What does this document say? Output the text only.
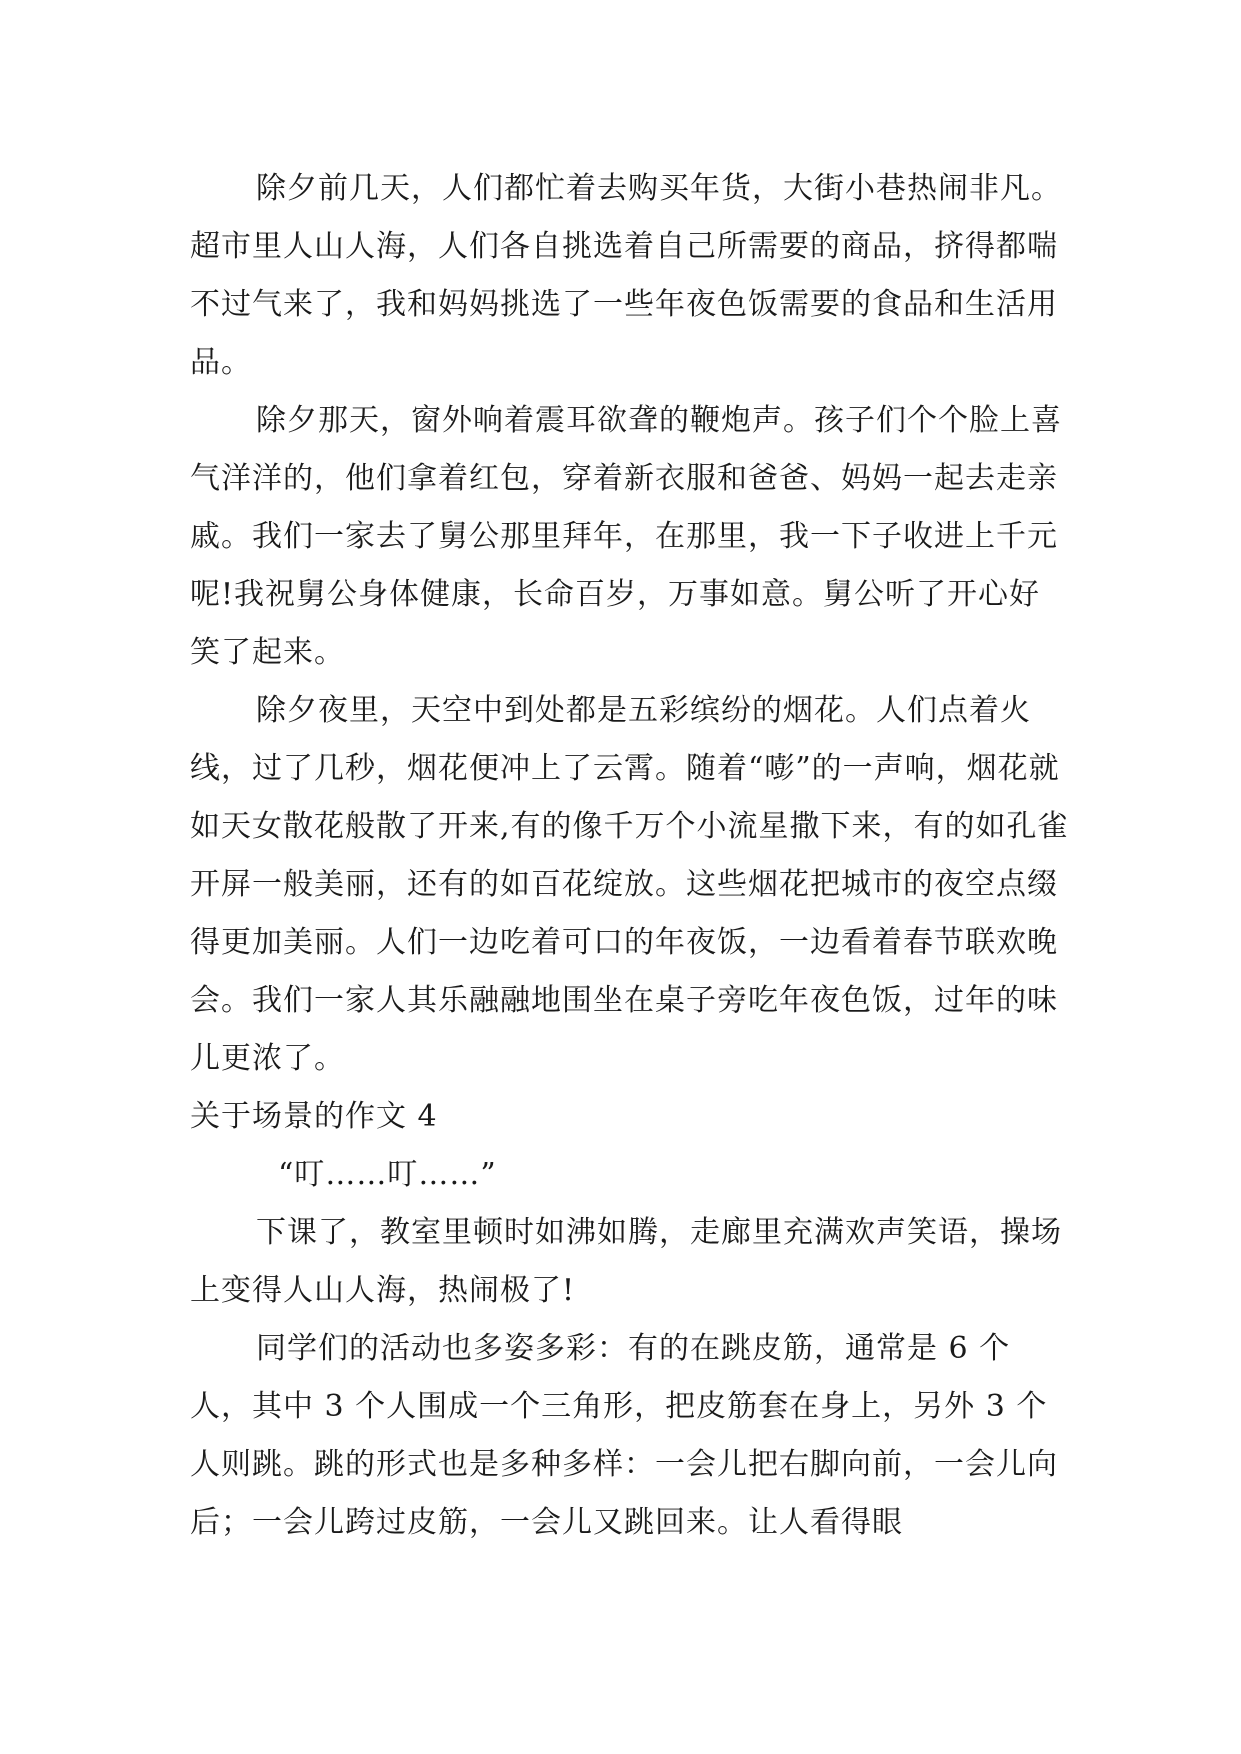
除夕前几天，人们都忙着去购买年货，大街小巷热闹非凡。超市里人山人海，人们各自挑选着自己所需要的商品，挤得都喘不过气来了，我和妈妈挑选了一些年夜色饭需要的食品和生活用品。

除夕那天，窗外响着震耳欲聋的鞭炮声。孩子们个个脸上喜气洋洋的，他们拿着红包，穿着新衣服和爸爸、妈妈一起去走亲戚。我们一家去了舅公那里拜年，在那里，我一下子收进上千元呢!我祝舅公身体健康，长命百岁，万事如意。舅公听了开心好笑了起来。

除夕夜里，天空中到处都是五彩缤纷的烟花。人们点着火线，过了几秒，烟花便冲上了云霄。随着“嘭”的一声响，烟花就如天女散花般散了开来,有的像千万个小流星撒下来，有的如孔雀开屏一般美丽，还有的如百花绽放。这些烟花把城市的夜空点缀得更加美丽。人们一边吃着可口的年夜饭，一边看着春节联欢晚会。我们一家人其乐融融地围坐在桌子旁吃年夜色饭，过年的味儿更浓了。

关于场景的作文 4

“叮……叮……”

下课了，教室里顿时如沸如腾，走廊里充满欢声笑语，操场上变得人山人海，热闹极了!

同学们的活动也多姿多彩：有的在跳皮筋，通常是 6 个人，其中 3 个人围成一个三角形，把皮筋套在身上，另外 3 个人则跳。跳的形式也是多种多样：一会儿把右脚向前，一会儿向后；一会儿跨过皮筋，一会儿又跳回来。让人看得眼
